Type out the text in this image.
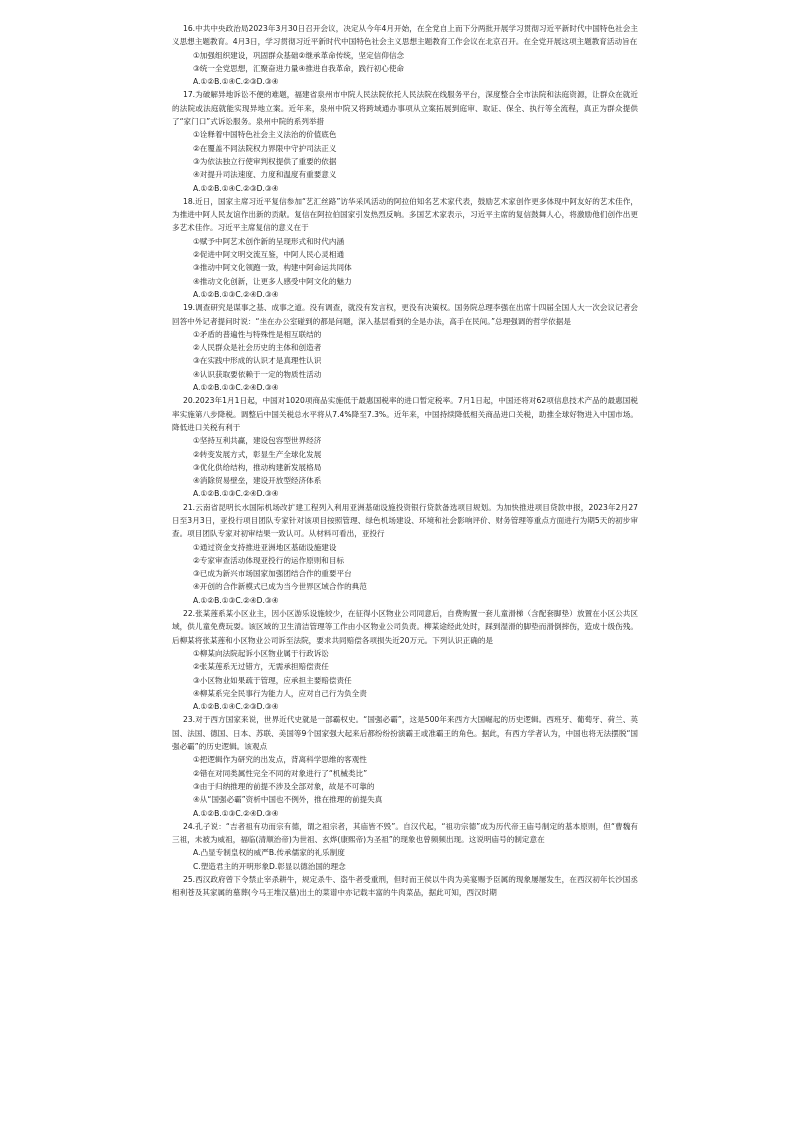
16.中共中央政治局2023年3月30日召开会议，决定从今年4月开始，在全党自上而下分两批开展学习贯彻习近平新时代中国特色社会主义思想主题教育。4月3日，学习贯彻习近平新时代中国特色社会主义思想主题教育工作会议在北京召开。在全党开展这项主题教育活动旨在

①加强组织建设，巩固群众基础②继承革命传统，坚定信仰信念

③统一全党思想，汇聚奋进力量④推进自我革命，践行初心使命

A.①②B.①④C.②③D.③④

17.为破解异地诉讼不便的难题，福建省泉州市中院人民法院依托人民法院在线服务平台，深度整合全市法院和法庭资源，让群众在就近的法院或法庭就能实现异地立案。近年来，泉州中院又将跨域通办事项从立案拓展到庭审、取证、保全、执行等全流程，真正为群众提供了“家门口”式诉讼服务。泉州中院的系列举措

①诠释着中国特色社会主义法治的价值底色

②在覆盖不同法院权力界限中守护司法正义

③为依法独立行使审判权提供了重要的依据

④对提升司法速度、力度和温度有重要意义

A.①②B.①④C.②③D.③④

18.近日，国家主席习近平复信参加“艺汇丝路”访华采风活动的阿拉伯知名艺术家代表，鼓励艺术家创作更多体现中阿友好的艺术佳作，为推进中阿人民友谊作出新的贡献。复信在阿拉伯国家引发热烈反响。多国艺术家表示，习近平主席的复信鼓舞人心，将激励他们创作出更多艺术佳作。习近平主席复信的意义在于

①赋予中阿艺术创作新的呈现形式和时代内涵

②促进中阿文明交流互鉴，中阿人民心灵相通

③推动中阿文化领跑一致，构建中阿命运共同体

④推动文化创新，让更多人感受中阿文化的魅力

A.①②B.①③C.②④D.③④

19.调查研究是谋事之基、成事之道。没有调查，就没有发言权，更没有决策权。国务院总理李强在出席十四届全国人大一次会议记者会回答中外记者提问时说：“坐在办公室碰到的都是问题，深入基层看到的全是办法，高手在民间。”总理强调的哲学依据是

①矛盾的普遍性与特殊性是相互联结的

②人民群众是社会历史的主体和创造者

③在实践中形成的认识才是真理性认识

④认识获取要依赖于一定的物质性活动

A.①②B.①③C.②④D.③④

20.2023年1月1日起，中国对1020项商品实施低于最惠国税率的进口暂定税率。7月1日起，中国还将对62项信息技术产品的最惠国税率实施第八步降税。调整后中国关税总水平将从7.4%降至7.3%。近年来，中国持续降低相关商品进口关税，助推全球好物进入中国市场。降低进口关税有利于

①坚持互利共赢，建设包容型世界经济

②转变发展方式，彰显生产全球化发展

③优化供给结构，推动构建新发展格局

④消除贸易壁垒，建设开放型经济体系

A.①②B.①③C.②④D.③④

21.云南省昆明长水国际机场改扩建工程列入利用亚洲基础设施投资银行贷款备选项目规划。为加快推进项目贷款申报，2023年2月27日至3月3日，亚投行项目团队专家针对该项目按照管理、绿色机场建设、环境和社会影响评价、财务管理等重点方面进行为期5天的初步审查。项目团队专家对初审结果一致认可。从材料可看出，亚投行

①通过资金支持推进亚洲地区基础设施建设

②专家审查活动体现亚投行的运作原则和目标

③已成为新兴市场国家加强团结合作的重要平台

④开创的合作新模式已成为当今世界区域合作的典范

A.①②B.①③C.②④D.③④

22.张某莲系某小区业主，因小区游乐设施较少，在征得小区物业公司同意后，自费购置一套儿童滑梯（含配套脚垫）放置在小区公共区域，供儿童免费玩耍。该区域的卫生清洁管理等工作由小区物业公司负责。柳某途经此处时，踩到湿滑的脚垫而滑倒摔伤，造成十级伤残。后柳某将张某莲和小区物业公司诉至法院，要求共同赔偿各项损失近20万元。下列认识正确的是

①柳某向法院起诉小区物业属于行政诉讼

②张某莲系无过错方，无需承担赔偿责任

③小区物业如果疏于管理，应承担主要赔偿责任

④柳某系完全民事行为能力人，应对自己行为负全责

A.①②B.①④C.②③D.③④

23.对于西方国家来说，世界近代史就是一部霸权史。“国强必霸”，这是500年来西方大国崛起的历史逻辑。西班牙、葡萄牙、荷兰、英国、法国、德国、日本、苏联、美国等9个国家强大起来后都纷纷扮演霸王或准霸王的角色。据此，有西方学者认为，中国也将无法摆脱“国强必霸”的历史逻辑。该观点

①把逻辑作为研究的出发点，背离科学思维的客观性

②错在对同类属性完全不同的对象进行了“机械类比”

③由于归纳推理的前提不涉及全部对象，故是不可靠的

④从“国强必霸”资析中国也不例外，推在推理的前提失真

A.①②B.①③C.②④D.③④

24.孔子说：“吉者祖有功而宗有德，谓之祖宗者，其庙皆不毁”。自汉代起，“祖功宗德”成为历代帝王庙号制定的基本原则，但“曹魏有三祖，未被为威祖，福临(清顺治帝)为世祖、玄烨(康熙帝)为圣祖”的现象也曾频频出现。这说明庙号的制定意在

A.凸显专制皇权的威严B.传承儒家的礼乐制度

C.塑造君主的开明形象D.彰显以德治国的理念

25.西汉政府曾下令禁止宰杀耕牛，规定杀牛、盗牛者受重刑，但时而王侯以牛肉为美宴赐予臣属的现象屡屡发生，在西汉初年长沙国丞相利苍及其家属的墓葬(今马王堆汉墓)出土的菜谱中亦记载丰富的牛肉菜品，据此可知，西汉时期
